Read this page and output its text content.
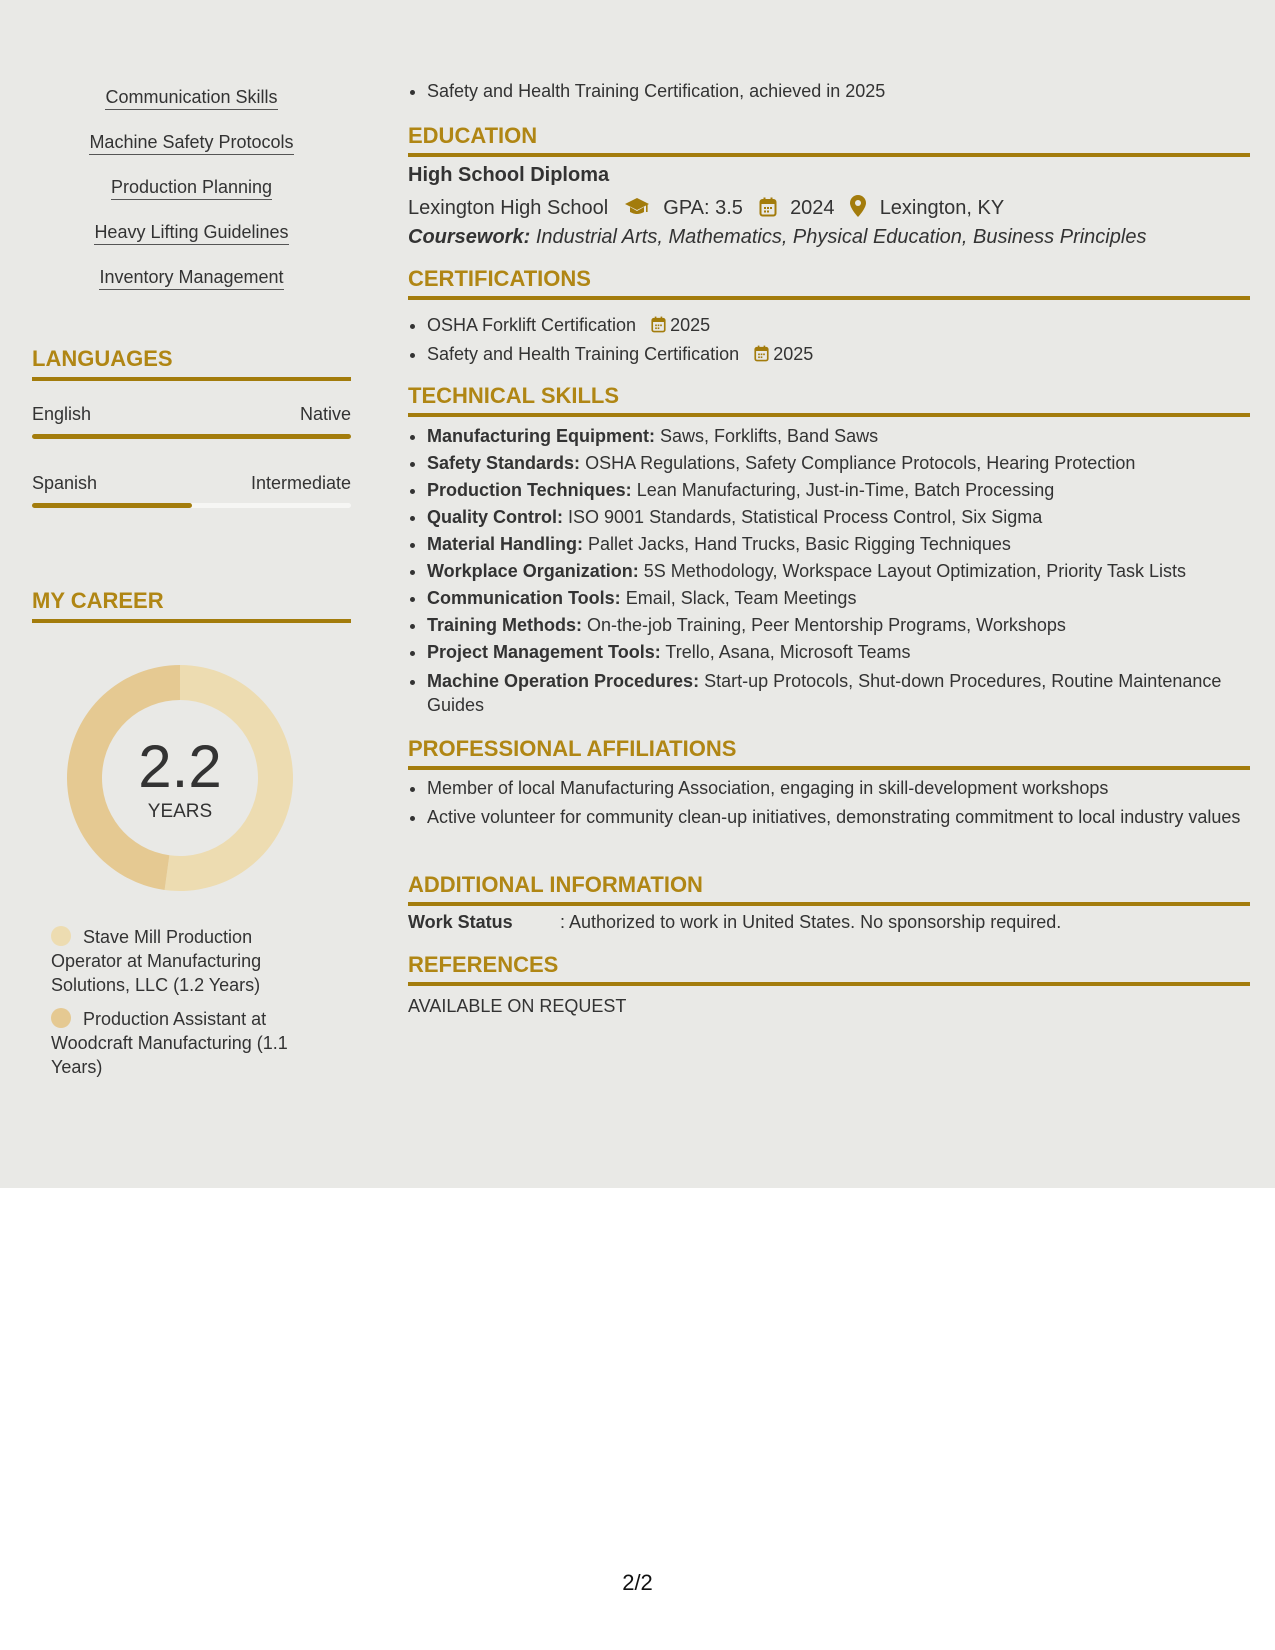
Communication Skills
Machine Safety Protocols
Production Planning
Heavy Lifting Guidelines
Inventory Management
LANGUAGES
English	Native
Spanish	Intermediate
MY CAREER
2.2
YEARS
Stave Mill Production Operator at Manufacturing Solutions, LLC (1.2 Years)
Production Assistant at Woodcraft Manufacturing (1.1 Years)
• Safety and Health Training Certification, achieved in 2025
EDUCATION
High School Diploma
Lexington High School	GPA: 3.5 2024 Lexington, KY
Coursework: Industrial Arts, Mathematics, Physical Education, Business Principles
CERTIFICATIONS
• OSHA Forklift Certification 2025
• Safety and Health Training Certification 2025
TECHNICAL SKILLS
• Manufacturing Equipment: Saws, Forklifts, Band Saws
• Safety Standards: OSHA Regulations, Safety Compliance Protocols, Hearing Protection
• Production Techniques: Lean Manufacturing, Just-in-Time, Batch Processing
• Quality Control: ISO 9001 Standards, Statistical Process Control, Six Sigma
• Material Handling: Pallet Jacks, Hand Trucks, Basic Rigging Techniques
• Workplace Organization: 5S Methodology, Workspace Layout Optimization, Priority Task Lists
• Communication Tools: Email, Slack, Team Meetings
• Training Methods: On-the-job Training, Peer Mentorship Programs, Workshops
• Project Management Tools: Trello, Asana, Microsoft Teams
• Machine Operation Procedures: Start-up Protocols, Shut-down Procedures, Routine Maintenance Guides
PROFESSIONAL AFFILIATIONS
• Member of local Manufacturing Association, engaging in skill-development workshops
• Active volunteer for community clean-up initiatives, demonstrating commitment to local industry values
ADDITIONAL INFORMATION
Work Status	: Authorized to work in United States. No sponsorship required.
REFERENCES
AVAILABLE ON REQUEST
2/2
